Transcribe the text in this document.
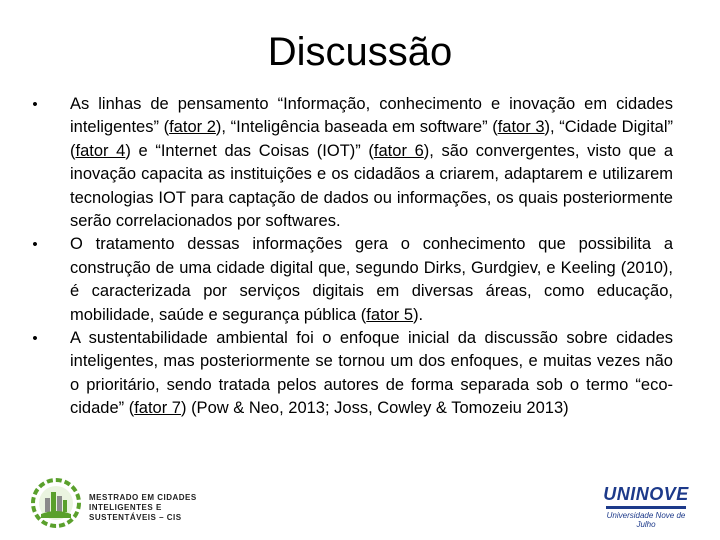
Discussão
• As linhas de pensamento “Informação, conhecimento e inovação em cidades inteligentes” (fator 2), “Inteligência baseada em software” (fator 3), “Cidade Digital” (fator 4) e “Internet das Coisas (IOT)” (fator 6), são convergentes, visto que a inovação capacita as instituições e os cidadãos a criarem, adaptarem e utilizarem tecnologias IOT para captação de dados ou informações, os quais posteriormente serão correlacionados por softwares.
• O tratamento dessas informações gera o conhecimento que possibilita a construção de uma cidade digital que, segundo Dirks, Gurdgiev, e Keeling (2010), é caracterizada por serviços digitais em diversas áreas, como educação, mobilidade, saúde e segurança pública (fator 5).
• A sustentabilidade ambiental foi o enfoque inicial da discussão sobre cidades inteligentes, mas posteriormente se tornou um dos enfoques, e muitas vezes não o prioritário, sendo tratada pelos autores de forma separada sob o termo “eco-cidade” (fator 7) (Pow & Neo, 2013; Joss, Cowley & Tomozeiu 2013)
MESTRADO EM CIDADES
INTELIGENTES E
SUSTENTÁVEIS – CIS
UNINOVE
Universidade Nove de Julho
